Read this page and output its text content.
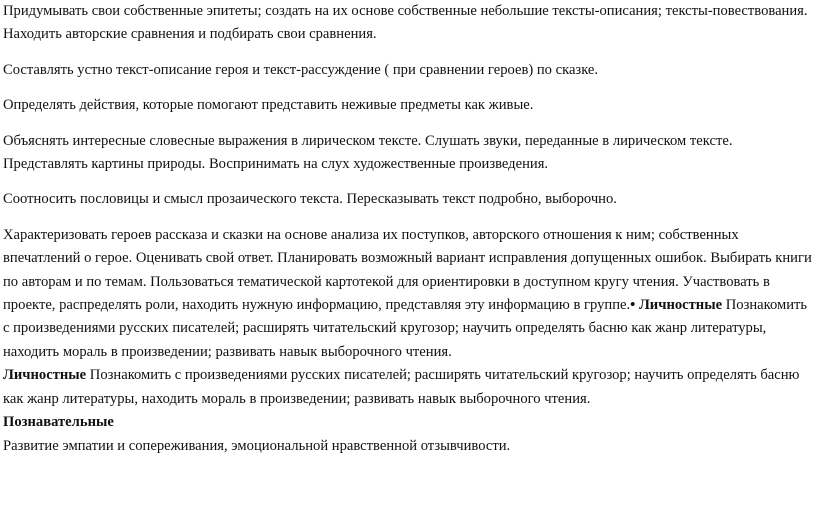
Придумывать свои собственные эпитеты; создать на их основе собственные небольшие тексты-описания; тексты-повествования. Находить авторские сравнения и подбирать свои сравнения.

Составлять устно текст-описание героя и текст-рассуждение ( при сравнении героев) по сказке.

Определять действия, которые помогают представить неживые предметы как живые.

Объяснять интересные словесные выражения в лирическом тексте. Слушать звуки, переданные в лирическом тексте. Представлять картины природы. Воспринимать на слух художественные произведения.

Соотносить пословицы и смысл прозаического текста. Пересказывать текст подробно, выборочно.

Характеризовать героев рассказа и сказки на основе анализа их поступков, авторского отношения к ним; собственных впечатлений о герое. Оценивать свой ответ. Планировать возможный вариант исправления допущенных ошибок. Выбирать книги по авторам и по темам. Пользоваться тематической картотекой для ориентировки в доступном кругу чтения. Участвовать в проекте, распределять роли, находить нужную информацию, представляя эту информацию в группе.• Личностные Познакомить с произведениями русских писателей; расширять читательский кругозор; научить определять басню как жанр литературы, находить мораль в произведении; развивать навык выборочного чтения.

Личностные Познакомить с произведениями русских писателей; расширять читательский кругозор; научить определять басню как жанр литературы, находить мораль в произведении; развивать навык выборочного чтения.

Познавательные

Развитие эмпатии и сопереживания, эмоциональной нравственной отзывчивости.
